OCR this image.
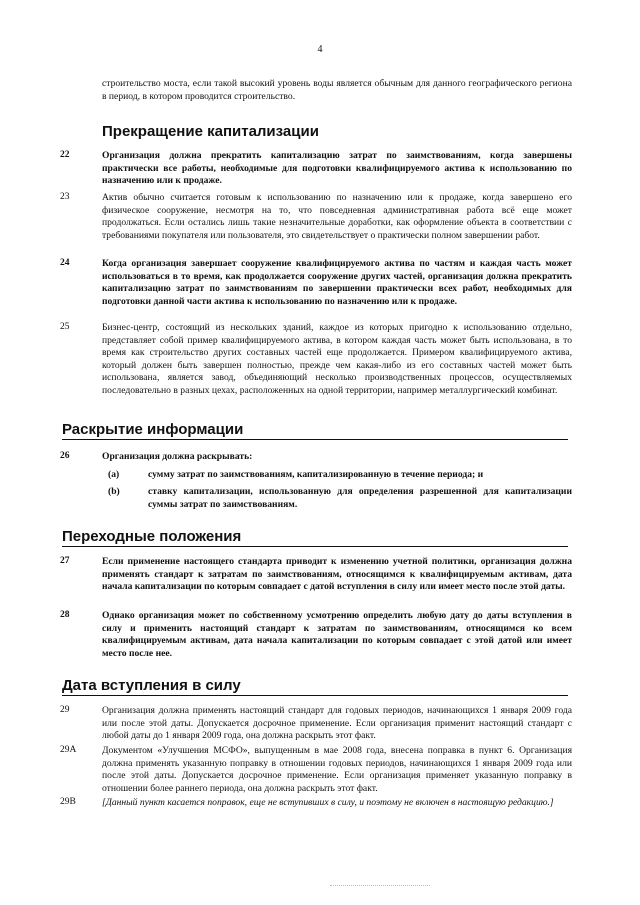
4
строительство моста, если такой высокий уровень воды является обычным для данного географического региона в период, в котором проводится строительство.
Прекращение капитализации
22	Организация должна прекратить капитализацию затрат по заимствованиям, когда завершены практически все работы, необходимые для подготовки квалифицируемого актива к использованию по назначению или к продаже.
23	Актив обычно считается готовым к использованию по назначению или к продаже, когда завершено его физическое сооружение, несмотря на то, что повседневная административная работа всё еще может продолжаться. Если остались лишь такие незначительные доработки, как оформление объекта в соответствии с требованиями покупателя или пользователя, это свидетельствует о практически полном завершении работ.
24	Когда организация завершает сооружение квалифицируемого актива по частям и каждая часть может использоваться в то время, как продолжается сооружение других частей, организация должна прекратить капитализацию затрат по заимствованиям по завершении практически всех работ, необходимых для подготовки данной части актива к использованию по назначению или к продаже.
25	Бизнес-центр, состоящий из нескольких зданий, каждое из которых пригодно к использованию отдельно, представляет собой пример квалифицируемого актива, в котором каждая часть может быть использована, в то время как строительство других составных частей еще продолжается. Примером квалифицируемого актива, который должен быть завершен полностью, прежде чем какая-либо из его составных частей может быть использована, является завод, объединяющий несколько производственных процессов, осуществляемых последовательно в разных цехах, расположенных на одной территории, например металлургический комбинат.
Раскрытие информации
26	Организация должна раскрывать:
(a)	сумму затрат по заимствованиям, капитализированную в течение периода; и
(b)	ставку капитализации, использованную для определения разрешенной для капитализации суммы затрат по заимствованиям.
Переходные положения
27	Если применение настоящего стандарта приводит к изменению учетной политики, организация должна применять стандарт к затратам по заимствованиям, относящимся к квалифицируемым активам, дата начала капитализации по которым совпадает с датой вступления в силу или имеет место после этой даты.
28	Однако организация может по собственному усмотрению определить любую дату до даты вступления в силу и применить настоящий стандарт к затратам по заимствованиям, относящимся ко всем квалифицируемым активам, дата начала капитализации по которым совпадает с этой датой или имеет место после нее.
Дата вступления в силу
29	Организация должна применять настоящий стандарт для годовых периодов, начинающихся 1 января 2009 года или после этой даты. Допускается досрочное применение. Если организация применит настоящий стандарт с любой даты до 1 января 2009 года, она должна раскрыть этот факт.
29A	Документом «Улучшения МСФО», выпущенным в мае 2008 года, внесена поправка в пункт 6. Организация должна применять указанную поправку в отношении годовых периодов, начинающихся 1 января 2009 года или после этой даты. Допускается досрочное применение. Если организация применяет указанную поправку в отношении более раннего периода, она должна раскрыть этот факт.
29B	[Данный пункт касается поправок, еще не вступивших в силу, и поэтому не включен в настоящую редакцию.]
